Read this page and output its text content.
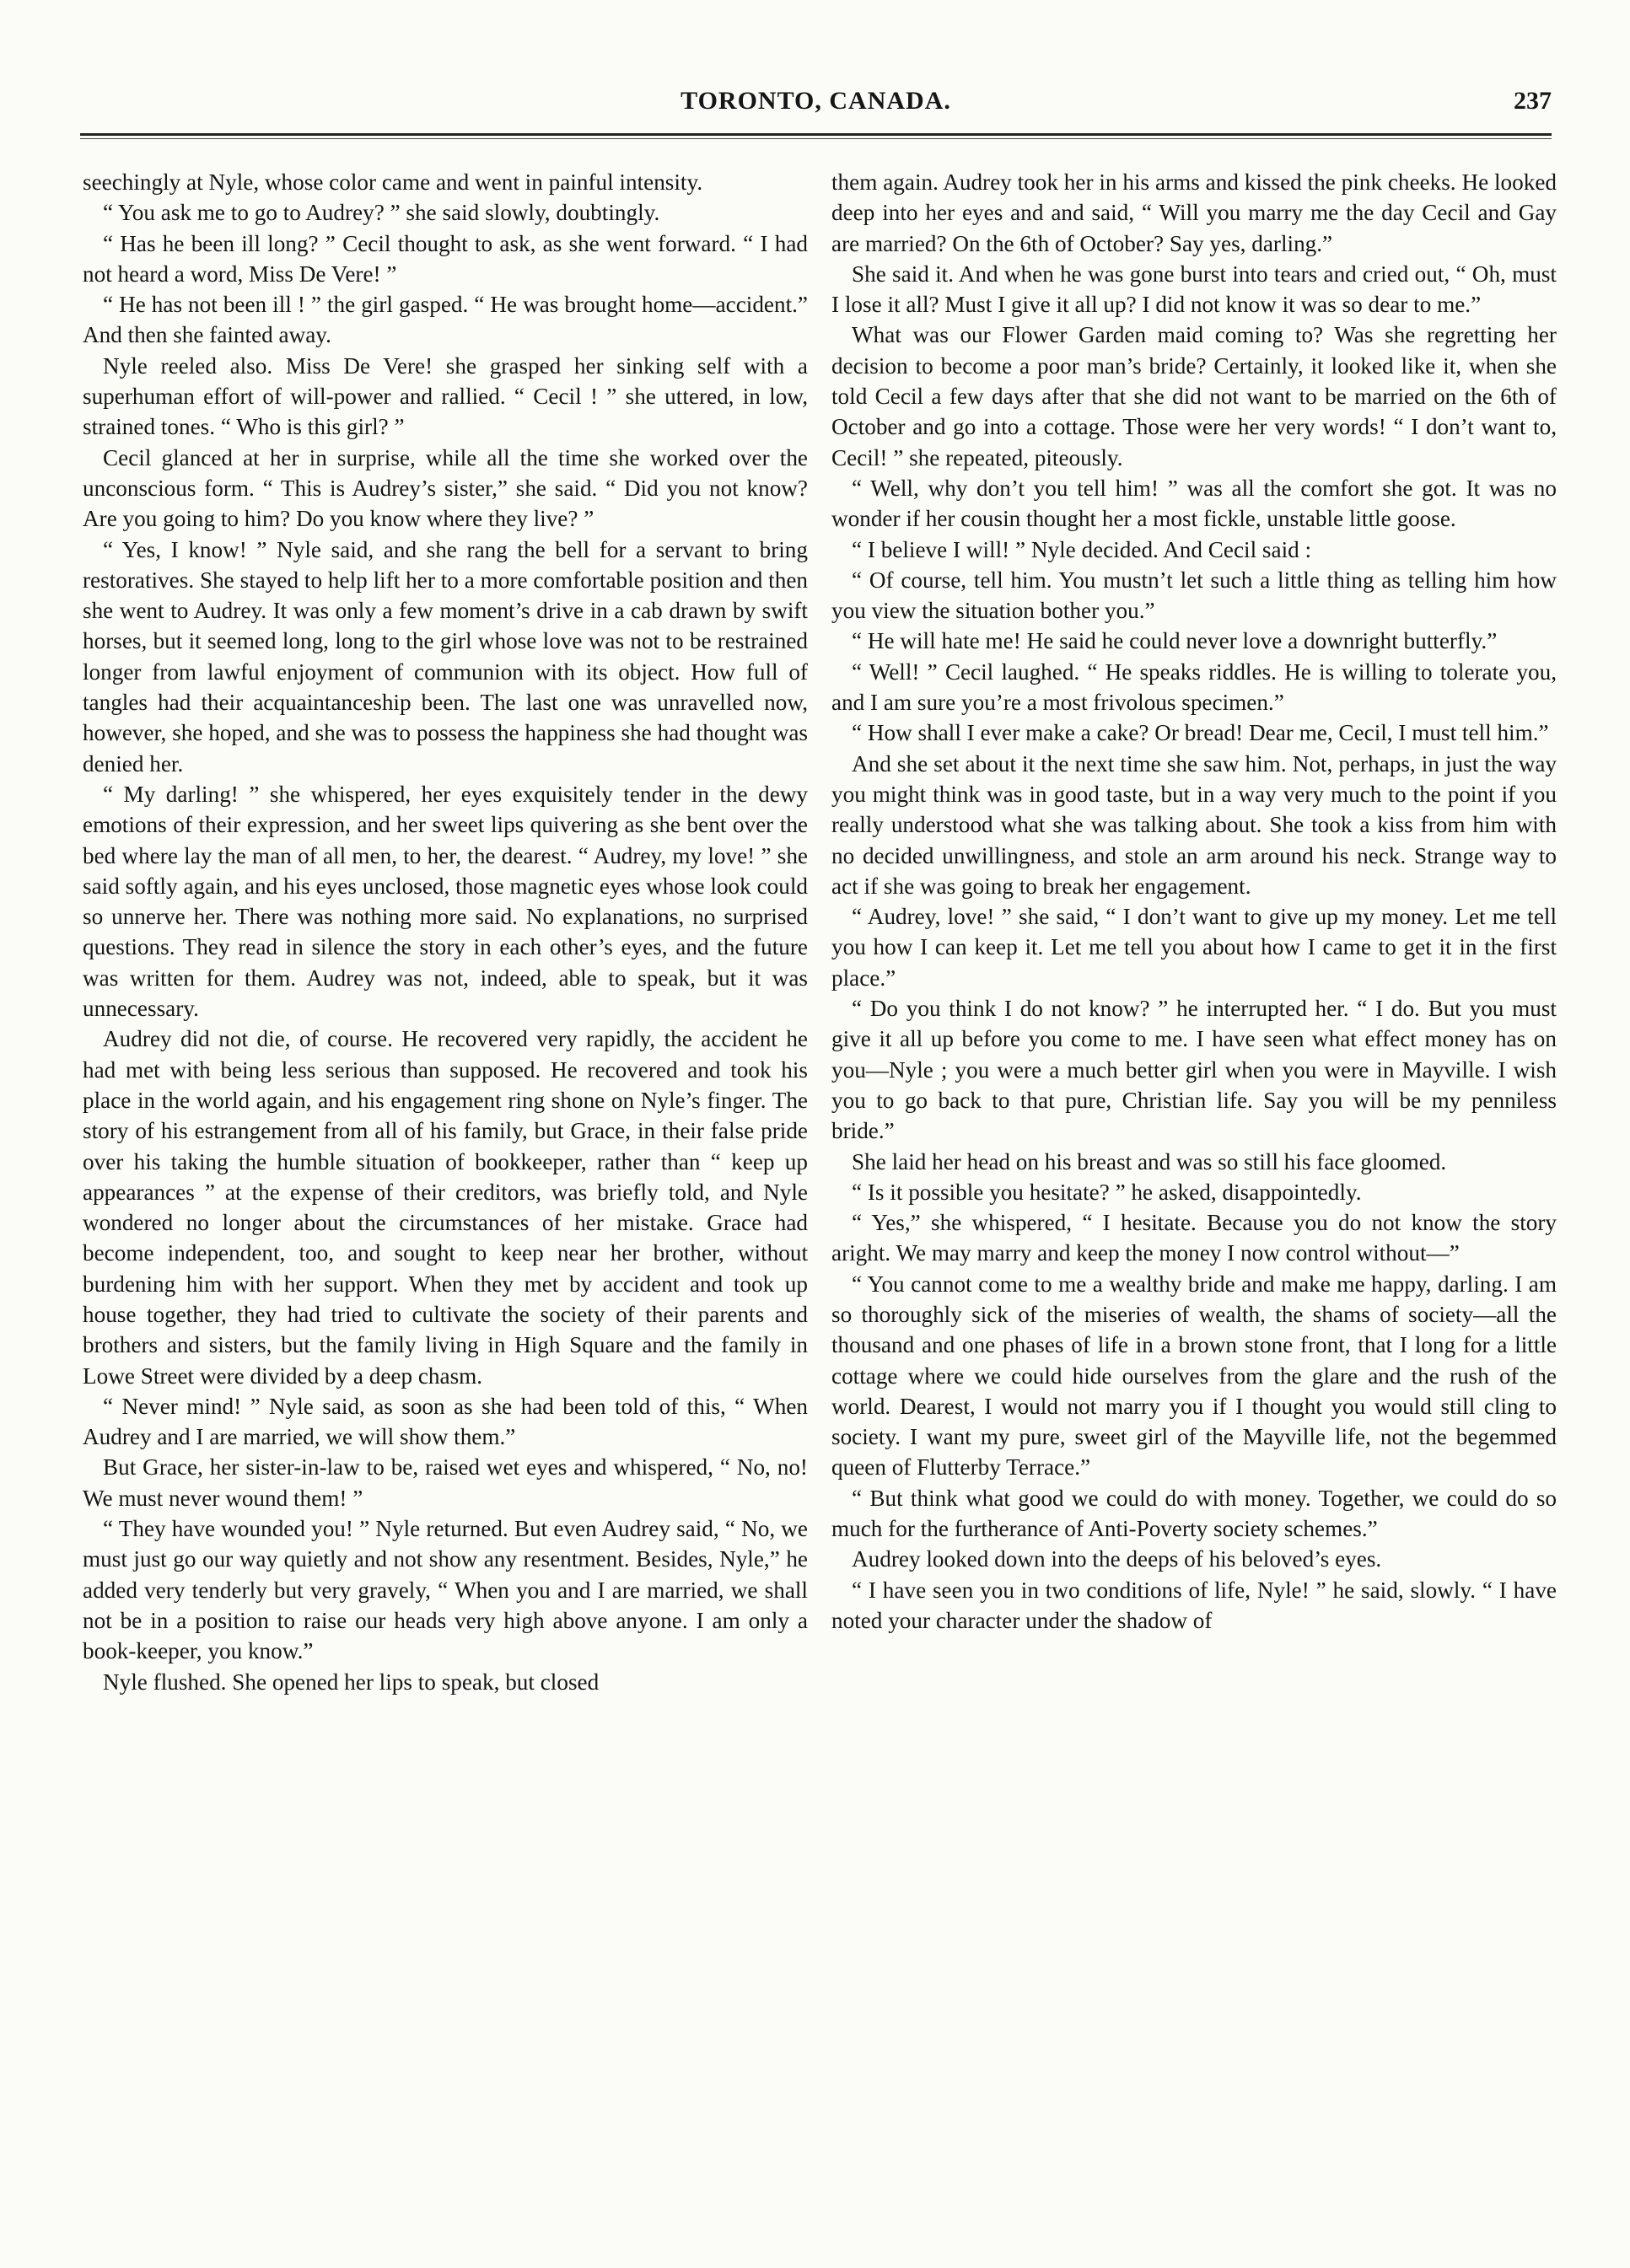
TORONTO, CANADA.	237

seechingly at Nyle, whose color came and went in painful intensity.

“ You ask me to go to Audrey? ” she said slowly, doubtingly.

“ Has he been ill long? ” Cecil thought to ask, as she went forward. “ I had not heard a word, Miss De Vere! ”

“ He has not been ill ! ” the girl gasped. “ He was brought home—accident.” And then she fainted away.

Nyle reeled also. Miss De Vere! she grasped her sinking self with a superhuman effort of will-power and rallied. “ Cecil ! ” she uttered, in low, strained tones. “ Who is this girl? ”

Cecil glanced at her in surprise, while all the time she worked over the unconscious form. “ This is Audrey’s sister,” she said. “ Did you not know? Are you going to him? Do you know where they live? ”

“ Yes, I know! ” Nyle said, and she rang the bell for a servant to bring restoratives. She stayed to help lift her to a more comfortable position and then she went to Audrey. It was only a few moment’s drive in a cab drawn by swift horses, but it seemed long, long to the girl whose love was not to be restrained longer from lawful enjoyment of communion with its object. How full of tangles had their acquaintanceship been. The last one was unravelled now, however, she hoped, and she was to possess the happiness she had thought was denied her.

“ My darling! ” she whispered, her eyes exquisitely tender in the dewy emotions of their expression, and her sweet lips quivering as she bent over the bed where lay the man of all men, to her, the dearest. “ Audrey, my love! ” she said softly again, and his eyes unclosed, those magnetic eyes whose look could so unnerve her. There was nothing more said. No explanations, no surprised questions. They read in silence the story in each other’s eyes, and the future was written for them. Audrey was not, indeed, able to speak, but it was unnecessary.

Audrey did not die, of course. He recovered very rapidly, the accident he had met with being less serious than supposed. He recovered and took his place in the world again, and his engagement ring shone on Nyle’s finger. The story of his estrangement from all of his family, but Grace, in their false pride over his taking the humble situation of bookkeeper, rather than “ keep up appearances ” at the expense of their creditors, was briefly told, and Nyle wondered no longer about the circumstances of her mistake. Grace had become independent, too, and sought to keep near her brother, without burdening him with her support. When they met by accident and took up house together, they had tried to cultivate the society of their parents and brothers and sisters, but the family living in High Square and the family in Lowe Street were divided by a deep chasm.

“ Never mind! ” Nyle said, as soon as she had been told of this, “ When Audrey and I are married, we will show them.”

But Grace, her sister-in-law to be, raised wet eyes and whispered, “ No, no! We must never wound them! ”

“ They have wounded you! ” Nyle returned. But even Audrey said, “ No, we must just go our way quietly and not show any resentment. Besides, Nyle,” he added very tenderly but very gravely, “ When you and I are married, we shall not be in a position to raise our heads very high above anyone. I am only a book-keeper, you know.”

Nyle flushed. She opened her lips to speak, but closed

them again. Audrey took her in his arms and kissed the pink cheeks. He looked deep into her eyes and and said, “ Will you marry me the day Cecil and Gay are married? On the 6th of October? Say yes, darling.”

She said it. And when he was gone burst into tears and cried out, “ Oh, must I lose it all? Must I give it all up? I did not know it was so dear to me.”

What was our Flower Garden maid coming to? Was she regretting her decision to become a poor man’s bride? Certainly, it looked like it, when she told Cecil a few days after that she did not want to be married on the 6th of October and go into a cottage. Those were her very words! “ I don’t want to, Cecil! ” she repeated, piteously.

“ Well, why don’t you tell him! ” was all the comfort she got. It was no wonder if her cousin thought her a most fickle, unstable little goose.

“ I believe I will! ” Nyle decided. And Cecil said :

“ Of course, tell him. You mustn’t let such a little thing as telling him how you view the situation bother you.”

“ He will hate me! He said he could never love a downright butterfly.”

“ Well! ” Cecil laughed. “ He speaks riddles. He is willing to tolerate you, and I am sure you’re a most frivolous specimen.”

“ How shall I ever make a cake? Or bread! Dear me, Cecil, I must tell him.”

And she set about it the next time she saw him. Not, perhaps, in just the way you might think was in good taste, but in a way very much to the point if you really understood what she was talking about. She took a kiss from him with no decided unwillingness, and stole an arm around his neck. Strange way to act if she was going to break her engagement.

“ Audrey, love! ” she said, “ I don’t want to give up my money. Let me tell you how I can keep it. Let me tell you about how I came to get it in the first place.”

“ Do you think I do not know? ” he interrupted her. “ I do. But you must give it all up before you come to me. I have seen what effect money has on you—Nyle ; you were a much better girl when you were in Mayville. I wish you to go back to that pure, Christian life. Say you will be my penniless bride.”

She laid her head on his breast and was so still his face gloomed.

“ Is it possible you hesitate? ” he asked, disappointedly.

“ Yes,” she whispered, “ I hesitate. Because you do not know the story aright. We may marry and keep the money I now control without—”

“ You cannot come to me a wealthy bride and make me happy, darling. I am so thoroughly sick of the miseries of wealth, the shams of society—all the thousand and one phases of life in a brown stone front, that I long for a little cottage where we could hide ourselves from the glare and the rush of the world. Dearest, I would not marry you if I thought you would still cling to society. I want my pure, sweet girl of the Mayville life, not the begemmed queen of Flutterby Terrace.”

“ But think what good we could do with money. Together, we could do so much for the furtherance of Anti-Poverty society schemes.”

Audrey looked down into the deeps of his beloved’s eyes.

“ I have seen you in two conditions of life, Nyle! ” he said, slowly. “ I have noted your character under the shadow of
